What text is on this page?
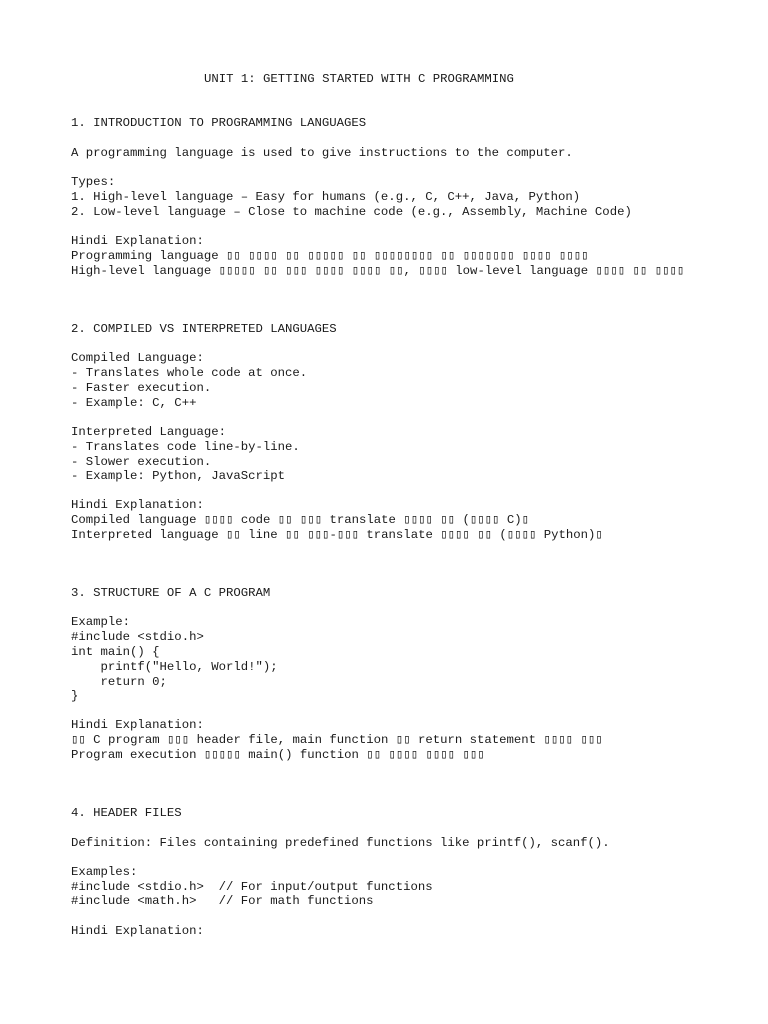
UNIT 1: GETTING STARTED WITH C PROGRAMMING

1. INTRODUCTION TO PROGRAMMING LANGUAGES

A programming language is used to give instructions to the computer.

Types:

1. High-level language – Easy for humans (e.g., C, C++, Java, Python)

2. Low-level language – Close to machine code (e.g., Assembly, Machine Code)

Hindi Explanation:

Programming language ▯▯ ▯▯▯▯ ▯▯ ▯▯▯▯▯ ▯▯ ▯▯▯▯▯▯▯▯ ▯▯ ▯▯▯▯▯▯▯ ▯▯▯▯ ▯▯▯▯

High-level language ▯▯▯▯▯ ▯▯ ▯▯▯ ▯▯▯▯ ▯▯▯▯ ▯▯, ▯▯▯▯ low-level language ▯▯▯▯ ▯▯ ▯▯▯▯

2. COMPILED VS INTERPRETED LANGUAGES

Compiled Language:

- Translates whole code at once.

- Faster execution.

- Example: C, C++

Interpreted Language:

- Translates code line-by-line.

- Slower execution.

- Example: Python, JavaScript

Hindi Explanation:

Compiled language ▯▯▯▯ code ▯▯ ▯▯▯ translate ▯▯▯▯ ▯▯ (▯▯▯▯ C)▯

Interpreted language ▯▯ line ▯▯ ▯▯▯-▯▯▯ translate ▯▯▯▯ ▯▯ (▯▯▯▯ Python)▯

3. STRUCTURE OF A C PROGRAM

Example:

#include <stdio.h>

int main() {

printf("Hello, World!");

return 0;

}

Hindi Explanation:

▯▯ C program ▯▯▯ header file, main function ▯▯ return statement ▯▯▯▯ ▯▯▯

Program execution ▯▯▯▯▯ main() function ▯▯ ▯▯▯▯ ▯▯▯▯ ▯▯▯

4. HEADER FILES

Definition: Files containing predefined functions like printf(), scanf().

Examples:

#include <stdio.h>  // For input/output functions

#include <math.h>   // For math functions

Hindi Explanation:
